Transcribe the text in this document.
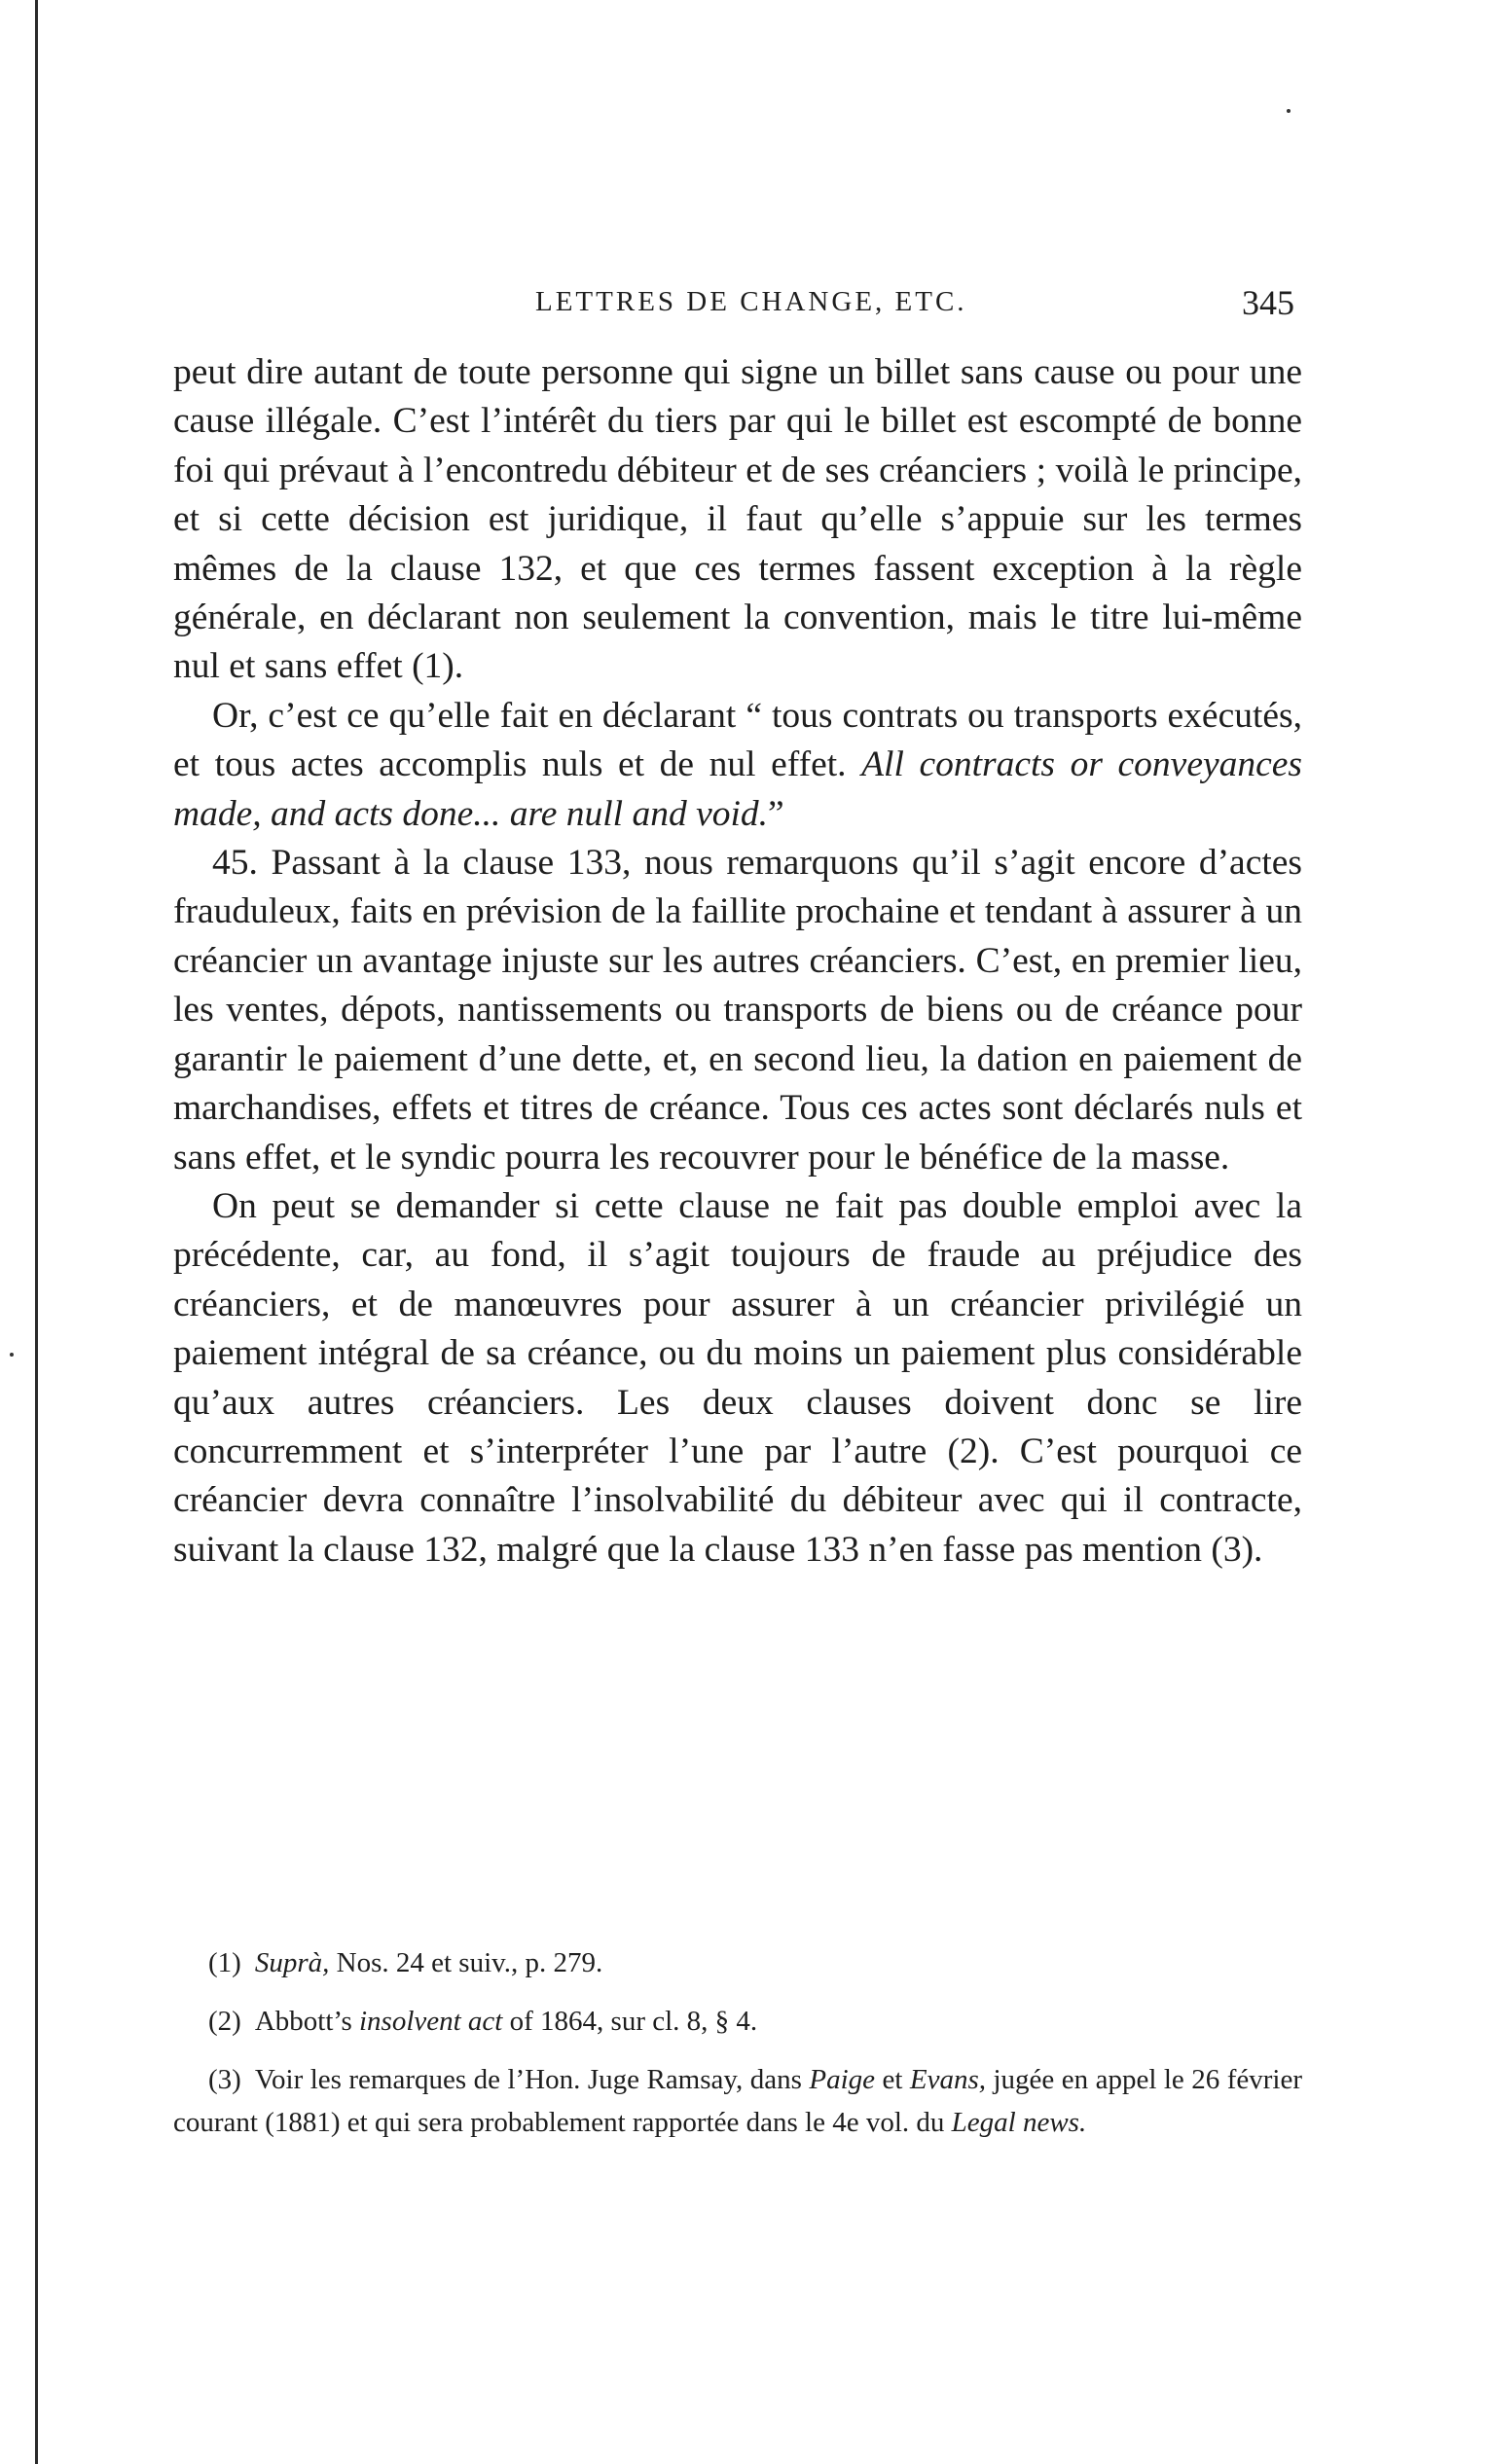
LETTRES DE CHANGE, ETC.	345

peut dire autant de toute personne qui signe un billet sans cause ou pour une cause illégale. C’est l’intérêt du tiers par qui le billet est escompté de bonne foi qui prévaut à l’encontredu débiteur et de ses créanciers ; voilà le principe, et si cette décision est juridique, il faut qu’elle s’appuie sur les termes mêmes de la clause 132, et que ces termes fassent exception à la règle générale, en déclarant non seulement la convention, mais le titre lui-même nul et sans effet (1).

Or, c’est ce qu’elle fait en déclarant “ tous contrats ou transports exécutés, et tous actes accomplis nuls et de nul effet. All contracts or conveyances made, and acts done... are null and void.”

45. Passant à la clause 133, nous remarquons qu’il s’agit encore d’actes frauduleux, faits en prévision de la faillite prochaine et tendant à assurer à un créancier un avantage injuste sur les autres créanciers. C’est, en premier lieu, les ventes, dépots, nantissements ou transports de biens ou de créance pour garantir le paiement d’une dette, et, en second lieu, la dation en paiement de marchandises, effets et titres de créance. Tous ces actes sont déclarés nuls et sans effet, et le syndic pourra les recouvrer pour le bénéfice de la masse.

On peut se demander si cette clause ne fait pas double emploi avec la précédente, car, au fond, il s’agit toujours de fraude au préjudice des créanciers, et de manœuvres pour assurer à un créancier privilégié un paiement intégral de sa créance, ou du moins un paiement plus considérable qu’aux autres créanciers. Les deux clauses doivent donc se lire concurremment et s’interpréter l’une par l’autre (2). C’est pourquoi ce créancier devra connaître l’insolvabilité du débiteur avec qui il contracte, suivant la clause 132, malgré que la clause 133 n’en fasse pas mention (3).

(1) Suprà, Nos. 24 et suiv., p. 279.

(2) Abbott’s insolvent act of 1864, sur cl. 8, § 4.

(3) Voir les remarques de l’Hon. Juge Ramsay, dans Paige et Evans, jugée en appel le 26 février courant (1881) et qui sera probablement rapportée dans le 4e vol. du Legal news.
